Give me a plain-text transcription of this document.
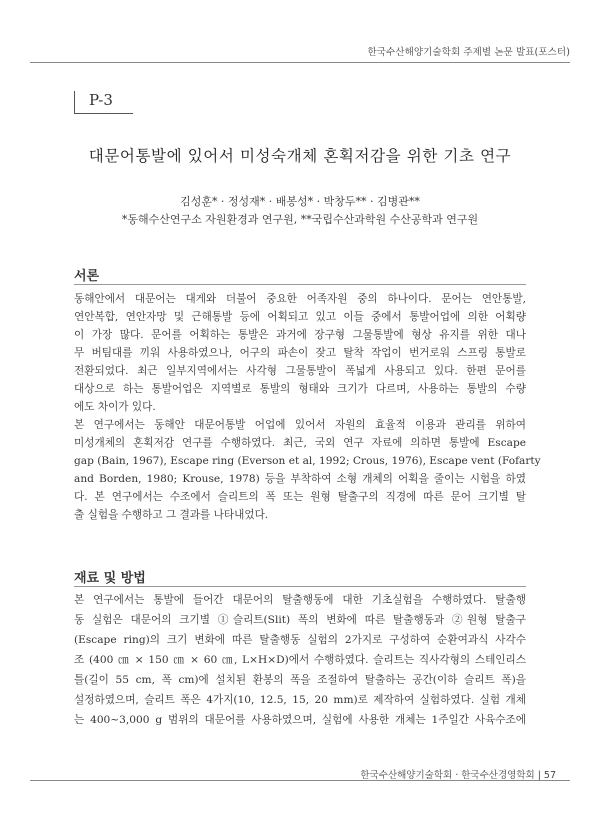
한국수산해양기술학회 주제별 논문 발표(포스터)
P-3
대문어통발에 있어서 미성숙개체 혼획저감을 위한 기초 연구
김성훈* · 정성재* · 배봉성* · 박창두** · 김병관**
*동해수산연구소 자원환경과 연구원, **국립수산과학원 수산공학과 연구원
서론
동해안에서 대문어는 대게와 더불어 중요한 어족자원 중의 하나이다. 문어는 연안통발,
연안복합, 연안자망 및 근해통발 등에 어획되고 있고 이들 중에서 통발어업에 의한 어획량
이 가장 많다. 문어를 어획하는 통발은 과거에 장구형 그물통발에 형상 유지를 위한 대나
무 버팀대를 끼워 사용하였으나, 어구의 파손이 잦고 탈착 작업이 번거로워 스프링 통발로
전환되었다. 최근 일부지역에서는 사각형 그물통발이 폭넓게 사용되고 있다. 한편 문어를
대상으로 하는 통발어업은 지역별로 통발의 형태와 크기가 다르며, 사용하는 통발의 수량
에도 차이가 있다.
본 연구에서는 동해안 대문어통발 어업에 있어서 자원의 효율적 이용과 관리를 위하여
미성개체의 혼획저감 연구를 수행하였다. 최근, 국외 연구 자료에 의하면 통발에 Escape
gap (Bain, 1967), Escape ring (Everson et al, 1992; Crous, 1976), Escape vent (Fofarty
and Borden, 1980; Krouse, 1978) 등을 부착하여 소형 개체의 어획을 줄이는 시험을 하였
다. 본 연구에서는 수조에서 슬리트의 폭 또는 원형 탈출구의 직경에 따른 문어 크기별 탈
출 실험을 수행하고 그 결과를 나타내었다.
재료 및 방법
본 연구에서는 통발에 들어간 대문어의 탈출행동에 대한 기초실험을 수행하였다. 탈출행
동 실험은 대문어의 크기별 ①슬리트(Slit) 폭의 변화에 따른 탈출행동과 ②원형 탈출구
(Escape ring)의 크기 변화에 따른 탈출행동 실험의 2가지로 구성하여 순환여과식 사각수
조 (400 ㎝ × 150 ㎝ × 60 ㎝, L×H×D)에서 수행하였다. 슬리트는 직사각형의 스테인리스
틀(길이 55 cm, 폭 cm)에 설치된 환봉의 폭을 조절하여 탈출하는 공간(이하 슬리트 폭)을
설정하였으며, 슬리트 폭은 4가지(10, 12.5, 15, 20 mm)로 제작하여 실험하였다. 실험 개체
는 400~3,000 g 범위의 대문어를 사용하였으며, 실험에 사용한 개체는 1주일간 사육수조에
한국수산해양기술학회 · 한국수산경영학회 | 57
